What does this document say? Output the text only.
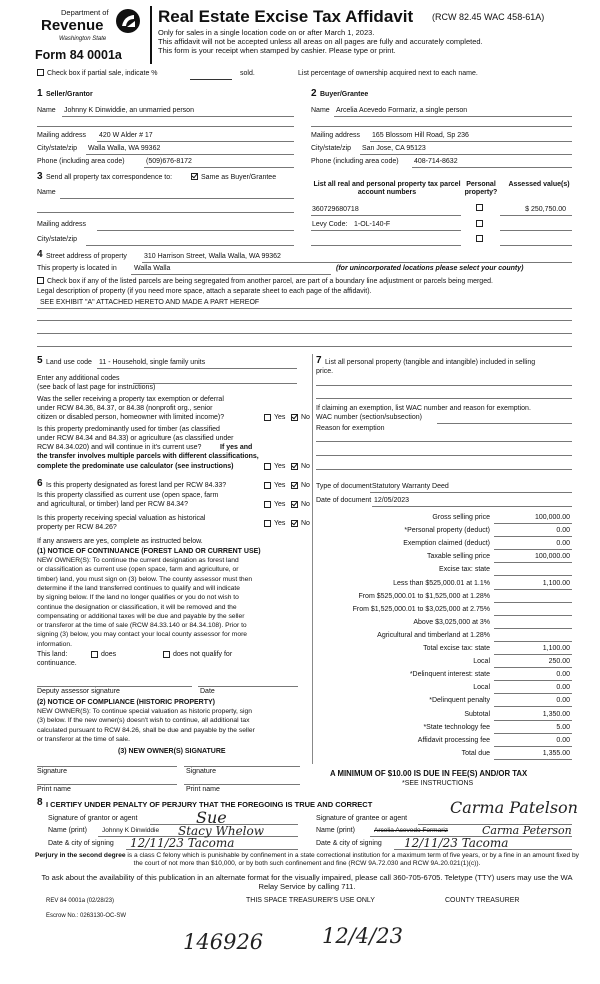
Department of
Revenue
Washington State
Form 84 0001a
Real Estate Excise Tax Affidavit (RCW 82.45 WAC 458-61A)
Only for sales in a single location code on or after March 1, 2023.
This affidavit will not be accepted unless all areas on all pages are fully and accurately completed.
This form is your receipt when stamped by cashier. Please type or print.
Check box if partial sale, indicate %	sold.	List percentage of ownership acquired next to each name.
1 Seller/Grantor
Name Johnny K Dinwiddie, an unmarried person
Mailing address 420 W Alder # 17
City/state/zip Walla Walla, WA 99362
Phone (including area code)	(509)676-8172
2 Buyer/Grantee
Name Arcelia Acevedo Formariz, a single person
Mailing address 165 Blossom Hill Road, Sp 236
City/state/zip San Jose, CA 95123
Phone (including area code) 408-714-8632
3 Send all property tax correspondence to:	Same as Buyer/Grantee
Name
Mailing address
City/state/zip
List all real and personal property tax parcel account numbers
Personal property?
Assessed value(s)
360729680718	$ 250,750.00
Levy Code: 1-OL-140-F
4 Street address of property 310 Harrison Street, Walla Walla, WA 99362
This property is located in Walla Walla	(for unincorporated locations please select your county)
Check box if any of the listed parcels are being segregated from another parcel, are part of a boundary line adjustment or parcels being merged.
Legal description of property (if you need more space, attach a separate sheet to each page of the affidavit).
SEE EXHIBIT "A" ATTACHED HERETO AND MADE A PART HEREOF
5 Land use code 11 - Household, single family units
Enter any additional codes
(see back of last page for instructions)
Was the seller receiving a property tax exemption or deferral
under RCW 84.36, 84.37, or 84.38 (nonprofit org., senior
citizen or disabled person, homeowner with limited income)?	Yes No
Is this property predominantly used for timber (as classified
under RCW 84.34 and 84.33) or agriculture (as classified under
RCW 84.34.020) and will continue in it's current use?	If yes and
the transfer involves multiple parcels with different classifications,
complete the predominate use calculator (see instructions)	Yes No
7 List all personal property (tangible and intangible) included in selling
price.
If claiming an exemption, list WAC number and reason for exemption.
WAC number (section/subsection)
Reason for exemption
6 Is this property designated as forest land per RCW 84.33?	Yes No
Is this property classified as current use (open space, farm
and agricultural, or timber) land per RCW 84.34?	Yes No
Is this property receiving special valuation as historical
property per RCW 84.26?
Yes No
If any answers are yes, complete as instructed below.
(1) NOTICE OF CONTINUANCE (FOREST LAND OR CURRENT USE)
NEW OWNER(S): To continue the current designation as forest land
or classification as current use (open space, farm and agriculture, or
timber) land, you must sign on (3) below. The county assessor must then
determine if the land transferred continues to qualify and will indicate
by signing below. If the land no longer qualifies or you do not wish to
continue the designation or classification, it will be removed and the
compensating or additional taxes will be due and payable by the seller
or transferor at the time of sale (RCW 84.33.140 or 84.34.108). Prior to
signing (3) below, you may contact your local county assessor for more
information.
This land:	does	does not qualify for
continuance.
Deputy assessor signature	Date
(2) NOTICE OF COMPLIANCE (HISTORIC PROPERTY)
NEW OWNER(S): To continue special valuation as historic property, sign
(3) below. If the new owner(s) doesn't wish to continue, all additional tax
calculated pursuant to RCW 84.26, shall be due and payable by the seller
or transferor at the time of sale.
(3) NEW OWNER(S) SIGNATURE
Signature	Signature
Print name	Print name
Type of document Statutory Warranty Deed
Date of document 12/05/2023
Gross selling price	100,000.00
*Personal property (deduct)	0.00
Exemption claimed (deduct)	0.00
Taxable selling price	100,000.00
Excise tax: state
Less than $525,000.01 at 1.1%	1,100.00
From $525,000.01 to $1,525,000 at 1.28%
From $1,525,000.01 to $3,025,000 at 2.75%
Above $3,025,000 at 3%
Agricultural and timberland at 1.28%
Total excise tax: state	1,100.00
Local	250.00
*Delinquent interest: state	0.00
Local	0.00
*Delinquent penalty	0.00
Subtotal	1,350.00
*State technology fee	5.00
Affidavit processing fee	0.00
Total due	1,355.00
A MINIMUM OF $10.00 IS DUE IN FEE(S) AND/OR TAX
*SEE INSTRUCTIONS
8 I CERTIFY UNDER PENALTY OF PERJURY THAT THE FOREGOING IS TRUE AND CORRECT
Signature of grantor or agent
Name (print) Johnny K Dinwiddie
Date & city of signing
Signature of grantee or agent
Name (print)	Arcelia Acevedo Formariz
Date & city of signing
Sue
Stacy Whelow
12/11/23 Tacoma
Carma Patelson
Carma Peterson
12/11/23 Tacoma
Perjury in the second degree is a class C felony which is punishable by confinement in a state correctional institution for a maximum term of five years, or by a fine in an amount fixed by the court of not more than $10,000, or by both such confinement and fine (RCW 9A.72.030 and RCW 9A.20.021(1)(c)).
To ask about the availability of this publication in an alternate format for the visually impaired, please call 360-705-6705. Teletype (TTY) users may use the WA Relay Service by calling 711.
REV 84 0001a (02/28/23)	THIS SPACE TREASURER'S USE ONLY	COUNTY TREASURER
Escrow No.: 0263130-OC-SW
146926	12/4/23
